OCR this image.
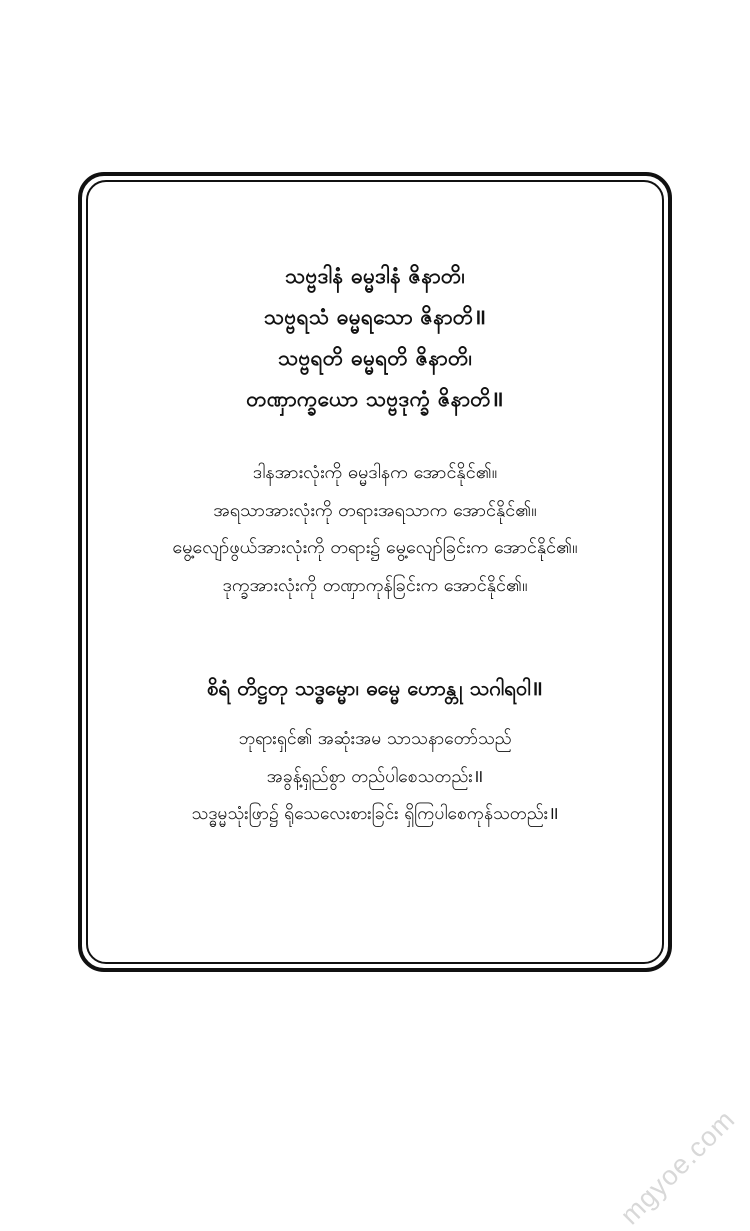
သဗ္ဗဒါနံ ဓမ္မဒါနံ ဇိနာတိ၊
သဗ္ဗရသံ ဓမ္မရသော ဇိနာတိ॥
သဗ္ဗရတိ ဓမ္မရတိ ဇိနာတိ၊
တဏှာက္ခယော သဗ္ဗဒုက္ခံ ဇိနာတိ॥
ဒါနအားလုံးကို ဓမ္မဒါနက အောင်နိုင်၏။
အရသာအားလုံးကို တရားအရသာက အောင်နိုင်၏။
မွေ့လျော်ဖွယ်အားလုံးကို တရား၌ မွေ့လျော်ခြင်းက အောင်နိုင်၏။
ဒုက္ခအားလုံးကို တဏှာကုန်ခြင်းက အောင်နိုင်၏။
စိရံ တိဋ္ဌတု သဒ္ဓမ္မော၊ ဓမ္မေ ဟောန္တု သဂါရဝါ॥
ဘုရားရှင်၏ အဆုံးအမ သာသနာတော်သည်
အခွန့်ရှည်စွာ တည်ပါစေသတည်း॥
သဒ္ဓမ္မသုံးဖြာ၌ ရိုသေလေးစားခြင်း ရှိကြပါစေကုန်သတည်း॥
mgyoe.com
